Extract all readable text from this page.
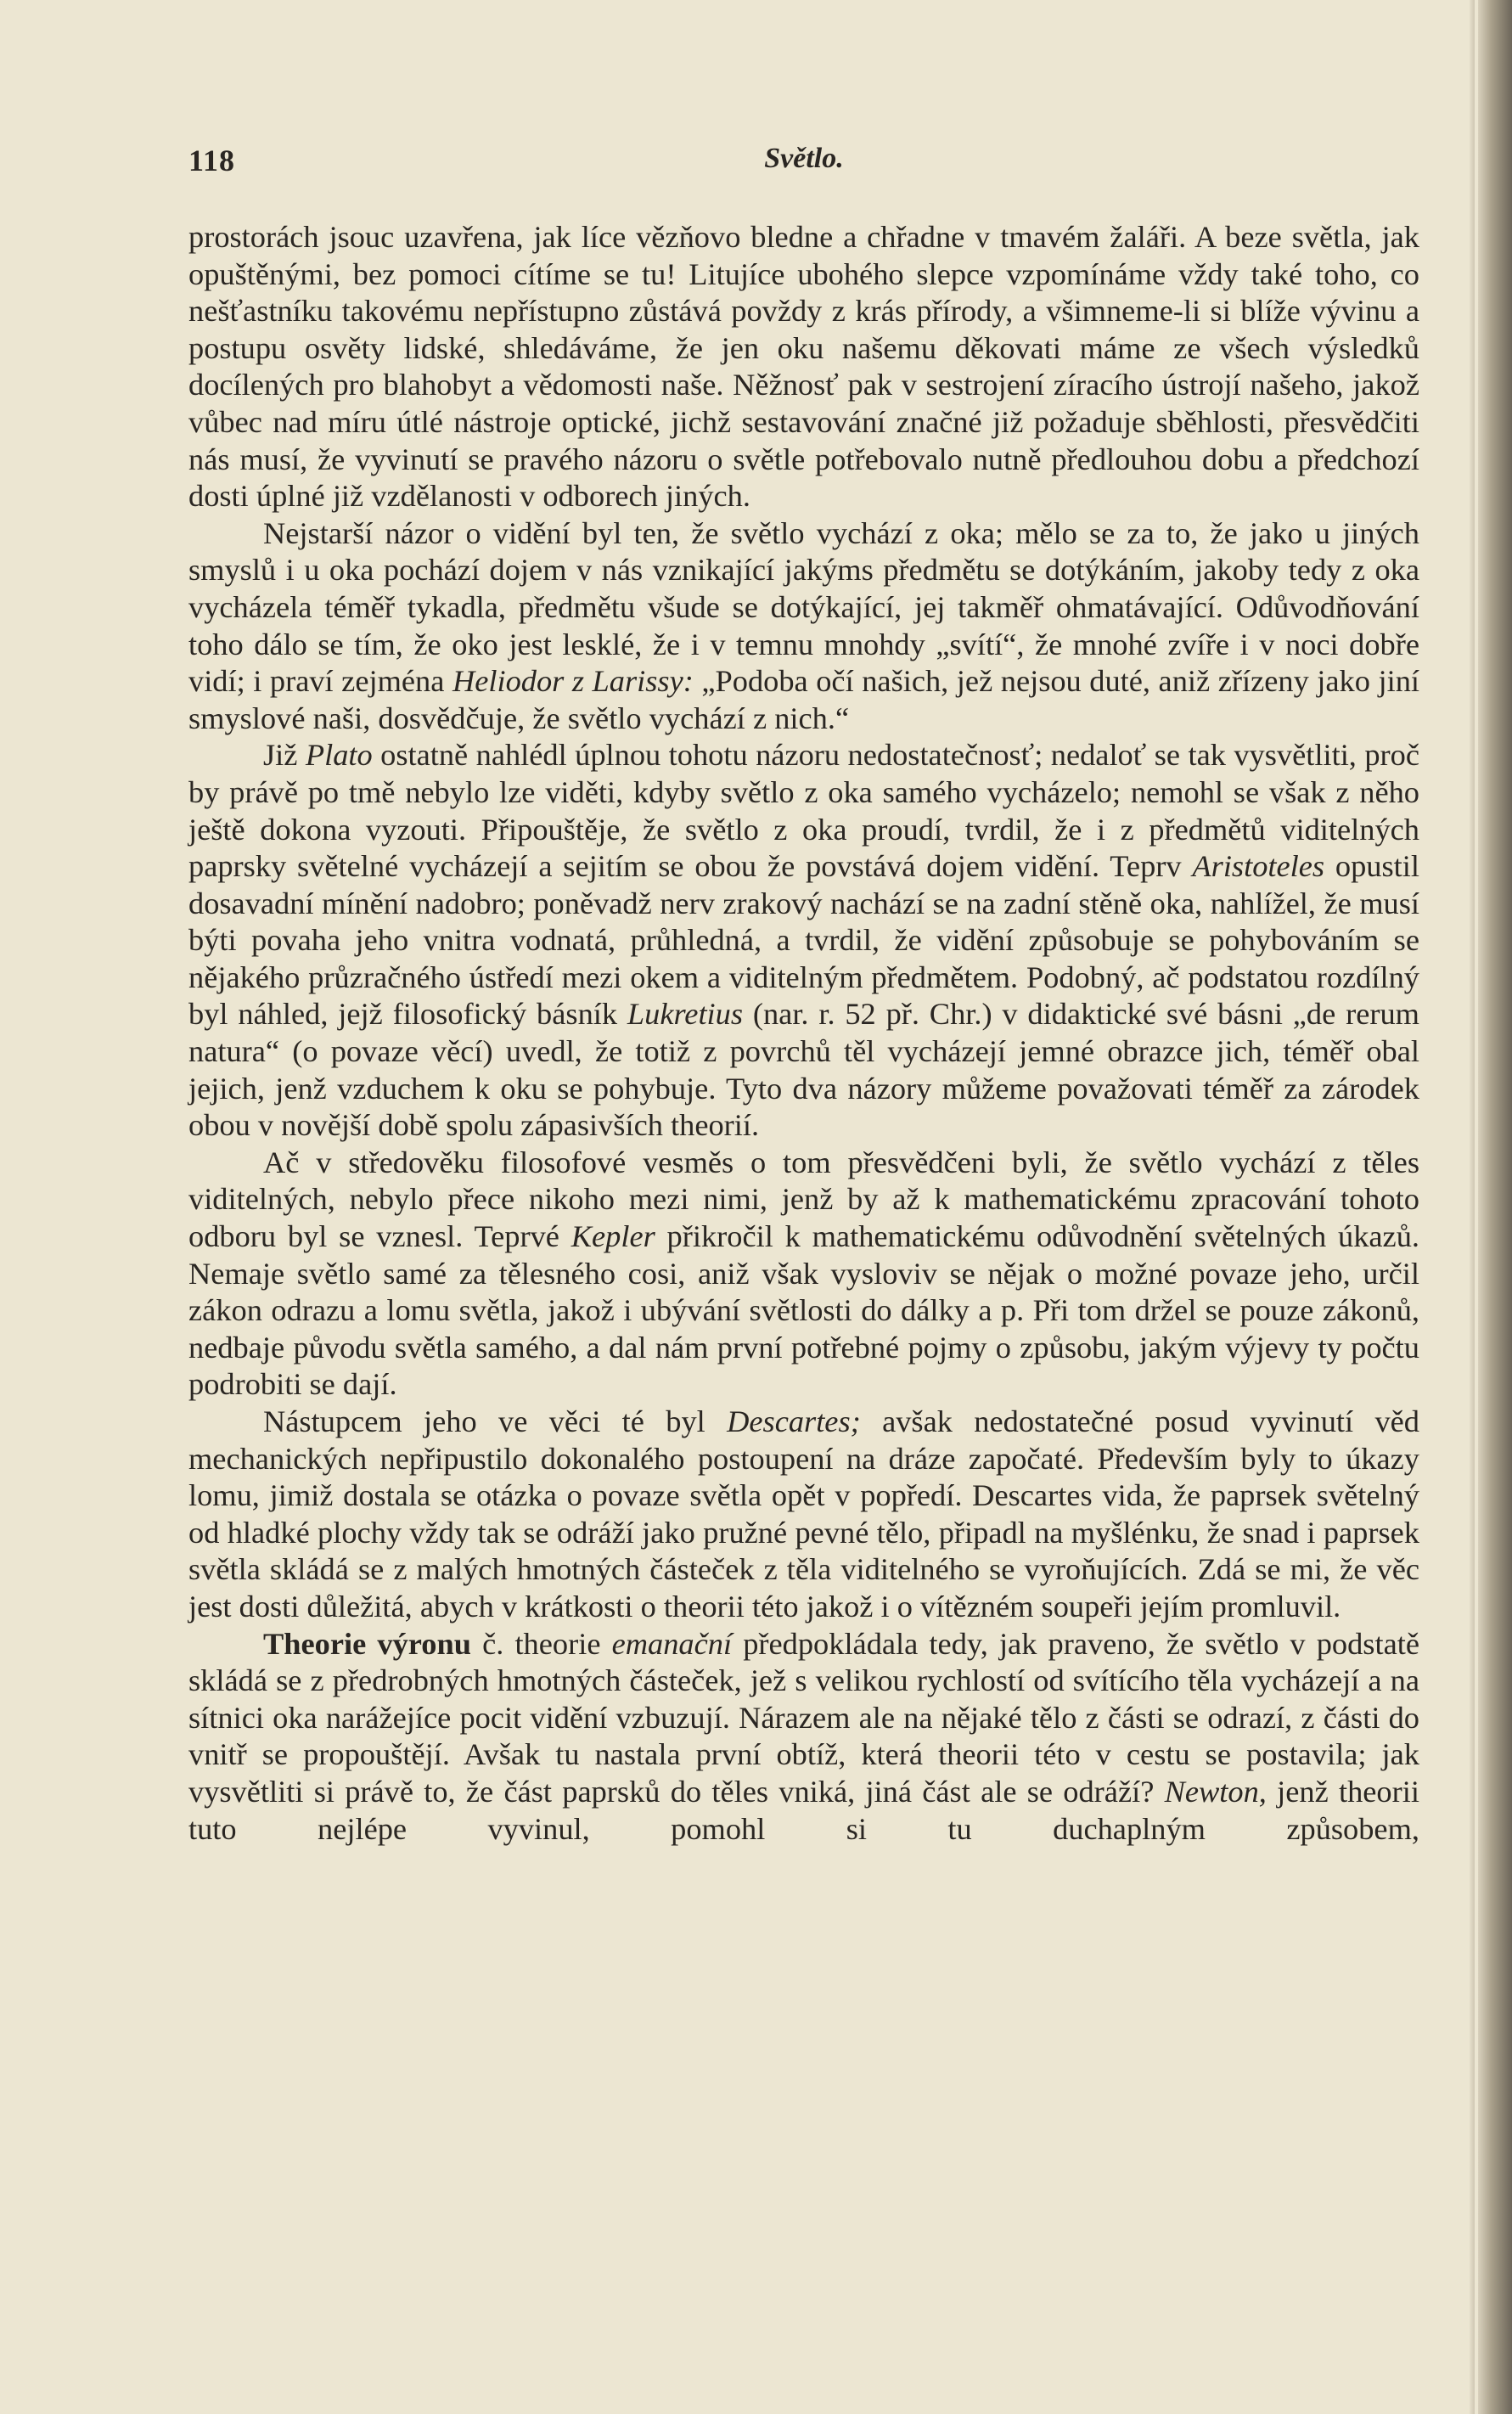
118	Světlo.

prostorách jsouc uzavřena, jak líce vězňovo bledne a chřadne v tmavém žaláři. A beze světla, jak opuštěnými, bez pomoci cítíme se tu! Litujíce ubohého slepce vzpomínáme vždy také toho, co nešťastníku takovému nepřístupno zůstává povždy z krás přírody, a všimneme-li si blíže vývinu a postupu osvěty lidské, shledáváme, že jen oku našemu děkovati máme ze všech výsledků docílených pro blahobyt a vědomosti naše. Něžnosť pak v sestrojení zíracího ústrojí našeho, jakož vůbec nad míru útlé nástroje optické, jichž sestavování značné již požaduje sběhlosti, přesvědčiti nás musí, že vyvinutí se pravého názoru o světle potřebovalo nutně předlouhou dobu a předchozí dosti úplné již vzdělanosti v odborech jiných.

Nejstarší názor o vidění byl ten, že světlo vychází z oka; mělo se za to, že jako u jiných smyslů i u oka pochází dojem v nás vznikající jakýms předmětu se dotýkáním, jakoby tedy z oka vycházela téměř tykadla, předmětu všude se dotýkající, jej takměř ohmatávající. Odůvodňování toho dálo se tím, že oko jest lesklé, že i v temnu mnohdy „svítí“, že mnohé zvíře i v noci dobře vidí; i praví zejména Heliodor z Larissy: „Podoba očí našich, jež nejsou duté, aniž zřízeny jako jiní smyslové naši, dosvědčuje, že světlo vychází z nich.“

Již Plato ostatně nahlédl úplnou tohotu názoru nedostatečnosť; nedaloť se tak vysvětliti, proč by právě po tmě nebylo lze viděti, kdyby světlo z oka samého vycházelo; nemohl se však z něho ještě dokona vyzouti. Připouštěje, že světlo z oka proudí, tvrdil, že i z předmětů viditelných paprsky světelné vycházejí a sejitím se obou že povstává dojem vidění. Teprv Aristoteles opustil dosavadní mínění nadobro; poněvadž nerv zrakový nachází se na zadní stěně oka, nahlížel, že musí býti povaha jeho vnitra vodnatá, průhledná, a tvrdil, že vidění způsobuje se pohybováním se nějakého průzračného ústředí mezi okem a viditelným předmětem. Podobný, ač podstatou rozdílný byl náhled, jejž filosofický básník Lukretius (nar. r. 52 př. Chr.) v didaktické své básni „de rerum natura“ (o povaze věcí) uvedl, že totiž z povrchů těl vycházejí jemné obrazce jich, téměř obal jejich, jenž vzduchem k oku se pohybuje. Tyto dva názory můžeme považovati téměř za zárodek obou v novější době spolu zápasivších theorií.

Ač v středověku filosofové vesměs o tom přesvědčeni byli, že světlo vychází z těles viditelných, nebylo přece nikoho mezi nimi, jenž by až k mathematickému zpracování tohoto odboru byl se vznesl. Teprvé Kepler přikročil k mathematickému odůvodnění světelných úkazů. Nemaje světlo samé za tělesného cosi, aniž však vysloviv se nějak o možné povaze jeho, určil zákon odrazu a lomu světla, jakož i ubývání světlosti do dálky a p. Při tom držel se pouze zákonů, nedbaje původu světla samého, a dal nám první potřebné pojmy o způsobu, jakým výjevy ty počtu podrobiti se dají.

Nástupcem jeho ve věci té byl Descartes; avšak nedostatečné posud vyvinutí věd mechanických nepřipustilo dokonalého postoupení na dráze započaté. Především byly to úkazy lomu, jimiž dostala se otázka o povaze světla opět v popředí. Descartes vida, že paprsek světelný od hladké plochy vždy tak se odráží jako pružné pevné tělo, připadl na myšlénku, že snad i paprsek světla skládá se z malých hmotných částeček z těla viditelného se vyroňujících. Zdá se mi, že věc jest dosti důležitá, abych v krátkosti o theorii této jakož i o vítězném soupeři jejím promluvil.

Theorie výronu č. theorie emanační předpokládala tedy, jak praveno, že světlo v podstatě skládá se z předrobných hmotných částeček, jež s velikou rychlostí od svítícího těla vycházejí a na sítnici oka narážejíce pocit vidění vzbuzují. Nárazem ale na nějaké tělo z části se odrazí, z části do vnitř se propouštějí. Avšak tu nastala první obtíž, která theorii této v cestu se postavila; jak vysvětliti si právě to, že část paprsků do těles vniká, jiná část ale se odráží? Newton, jenž theorii tuto nejlépe vyvinul, pomohl si tu duchaplným způsobem,
